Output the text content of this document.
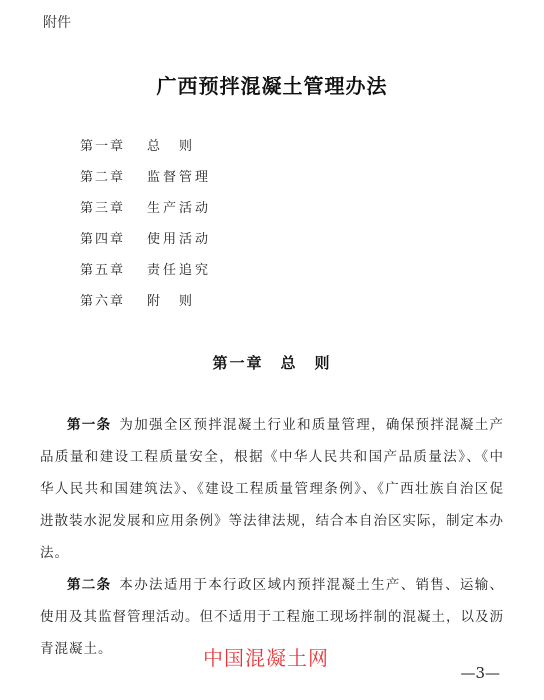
附件
广西预拌混凝土管理办法
第一章	总　则
第二章	监督管理
第三章	生产活动
第四章	使用活动
第五章	责任追究
第六章	附　则
第一章　总　则
第一条 为加强全区预拌混凝土行业和质量管理，确保预拌混凝土产品质量和建设工程质量安全，根据《中华人民共和国产品质量法》、《中华人民共和国建筑法》、《建设工程质量管理条例》、《广西壮族自治区促进散装水泥发展和应用条例》等法律法规，结合本自治区实际，制定本办法。
第二条 本办法适用于本行政区域内预拌混凝土生产、销售、运输、使用及其监督管理活动。但不适用于工程施工现场拌制的混凝土，以及沥青混凝土。	中国混凝土网
—3—
